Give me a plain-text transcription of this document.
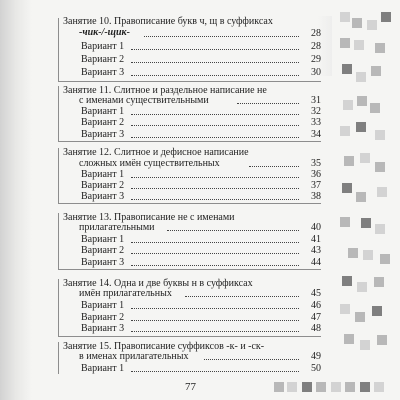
Занятие 10. Правописание букв ч, щ в суффиксах
-чик-/-щик-	28
Вариант 1	28
Вариант 2	29
Вариант 3	30
Занятие 11. Слитное и раздельное написание не
с именами существительными	31
Вариант 1	32
Вариант 2	33
Вариант 3	34
Занятие 12. Слитное и дефисное написание
сложных имён существительных	35
Вариант 1	36
Вариант 2	37
Вариант 3	38
Занятие 13. Правописание не с именами
прилагательными	40
Вариант 1	41
Вариант 2	43
Вариант 3	44
Занятие 14. Одна и две буквы н в суффиксах
имён прилагательных	45
Вариант 1	46
Вариант 2	47
Вариант 3	48
Занятие 15. Правописание суффиксов -к- и -ск-
в именах прилагательных	49
Вариант 1	50
77
